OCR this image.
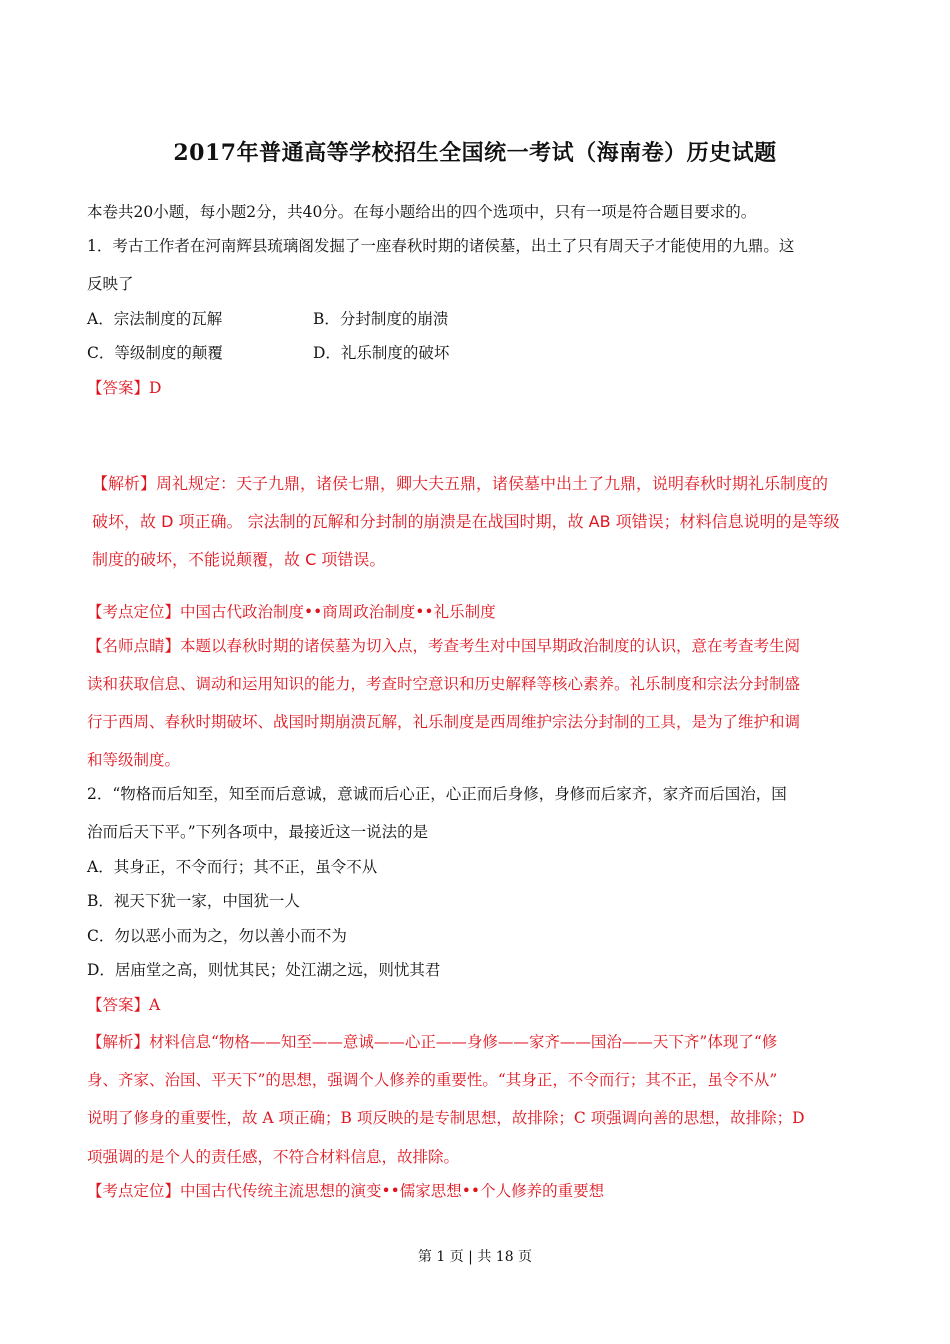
2017年普通高等学校招生全国统一考试（海南卷）历史试题
本卷共20小题，每小题2分，共40分。在每小题给出的四个选项中，只有一项是符合题目要求的。
1．考古工作者在河南辉县琉璃阁发掘了一座春秋时期的诸侯墓，出土了只有周天子才能使用的九鼎。这
反映了
A．宗法制度的瓦解	B．分封制度的崩溃
C．等级制度的颠覆	D．礼乐制度的破坏
【答案】D
【解析】周礼规定：天子九鼎，诸侯七鼎，卿大夫五鼎，诸侯墓中出土了九鼎，说明春秋时期礼乐制度的
破坏，故 D 项正确。 宗法制的瓦解和分封制的崩溃是在战国时期，故 AB 项错误；材料信息说明的是等级
制度的破坏，不能说颠覆，故 C 项错误。
【考点定位】中国古代政治制度••商周政治制度••礼乐制度
【名师点睛】本题以春秋时期的诸侯墓为切入点，考查考生对中国早期政治制度的认识，意在考查考生阅
读和获取信息、调动和运用知识的能力，考查时空意识和历史解释等核心素养。礼乐制度和宗法分封制盛
行于西周、春秋时期破坏、战国时期崩溃瓦解，礼乐制度是西周维护宗法分封制的工具，是为了维护和调
和等级制度。
2．“物格而后知至，知至而后意诚，意诚而后心正，心正而后身修，身修而后家齐，家齐而后国治，国
治而后天下平。”下列各项中，最接近这一说法的是
A．其身正，不令而行；其不正，虽令不从
B．视天下犹一家，中国犹一人
C．勿以恶小而为之，勿以善小而不为
D．居庙堂之高，则忧其民；处江湖之远，则忧其君
【答案】A
【解析】材料信息“物格——知至——意诚——心正——身修——家齐——国治——天下齐”体现了“修
身、齐家、治国、平天下”的思想，强调个人修养的重要性。“其身正，不令而行；其不正，虽令不从”
说明了修身的重要性，故 A 项正确；B 项反映的是专制思想，故排除；C 项强调向善的思想，故排除；D
项强调的是个人的责任感，不符合材料信息，故排除。
【考点定位】中国古代传统主流思想的演变••儒家思想••个人修养的重要想
第 1 页 | 共 18 页
